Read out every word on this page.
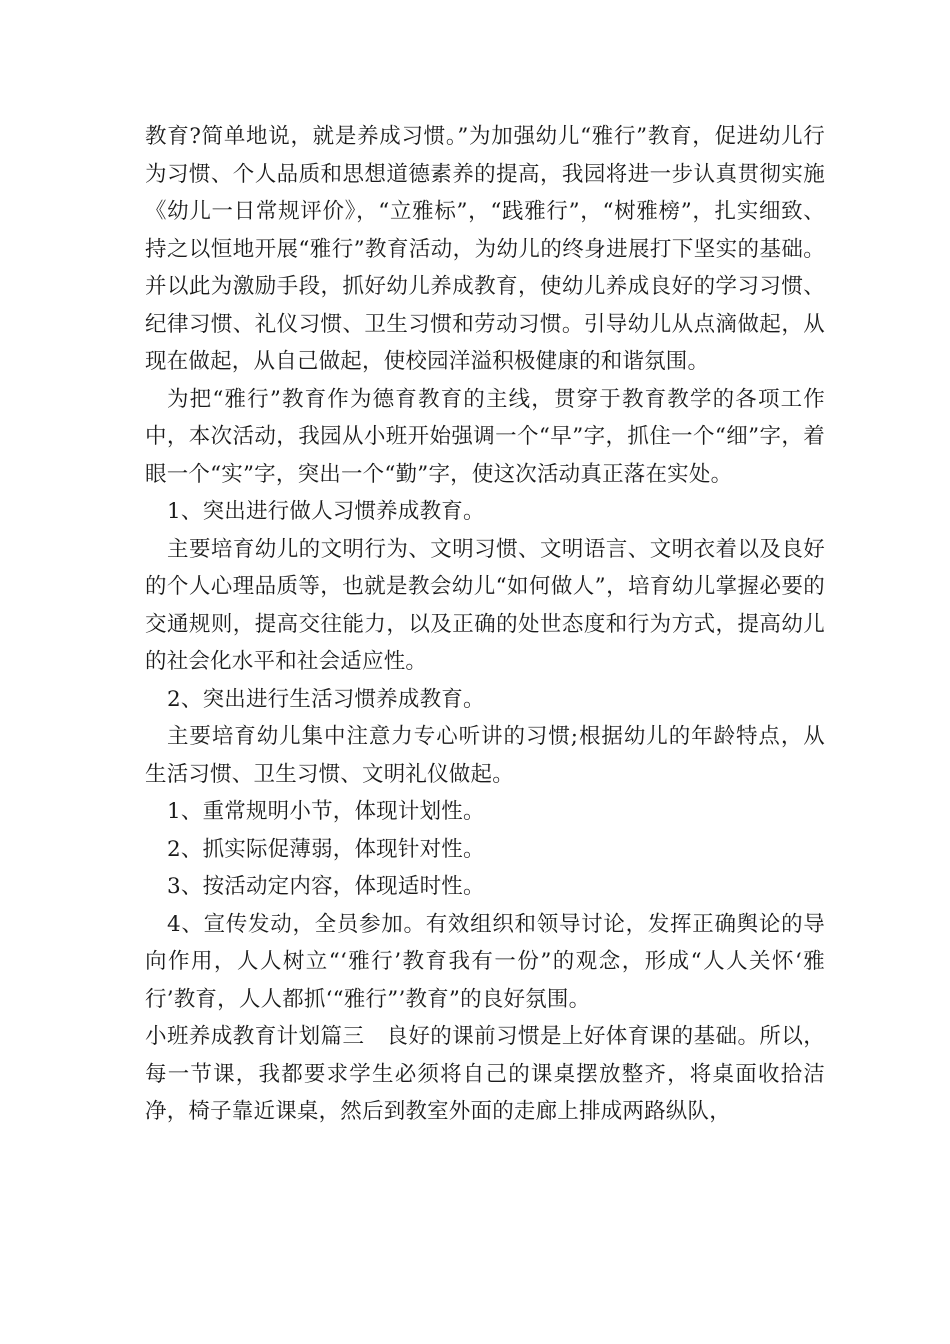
教育?简单地说，就是养成习惯。”为加强幼儿“雅行”教育，促进幼儿行为习惯、个人品质和思想道德素养的提高，我园将进一步认真贯彻实施《幼儿一日常规评价》，“立雅标”，“践雅行”，“树雅榜”，扎实细致、持之以恒地开展“雅行”教育活动，为幼儿的终身进展打下坚实的基础。并以此为激励手段，抓好幼儿养成教育，使幼儿养成良好的学习习惯、纪律习惯、礼仪习惯、卫生习惯和劳动习惯。引导幼儿从点滴做起，从现在做起，从自己做起，使校园洋溢积极健康的和谐氛围。

为把“雅行”教育作为德育教育的主线，贯穿于教育教学的各项工作中，本次活动，我园从小班开始强调一个“早”字，抓住一个“细”字，着眼一个“实”字，突出一个“勤”字，使这次活动真正落在实处。

1、突出进行做人习惯养成教育。

主要培育幼儿的文明行为、文明习惯、文明语言、文明衣着以及良好的个人心理品质等，也就是教会幼儿“如何做人”，培育幼儿掌握必要的交通规则，提高交往能力，以及正确的处世态度和行为方式，提高幼儿的社会化水平和社会适应性。

2、突出进行生活习惯养成教育。

主要培育幼儿集中注意力专心听讲的习惯;根据幼儿的年龄特点，从生活习惯、卫生习惯、文明礼仪做起。

1、重常规明小节，体现计划性。

2、抓实际促薄弱，体现针对性。

3、按活动定内容，体现适时性。

4、宣传发动，全员参加。有效组织和领导讨论，发挥正确舆论的导向作用，人人树立“‘雅行’教育我有一份”的观念，形成“人人关怀‘雅行’教育，人人都抓‘“雅行”’教育”的良好氛围。

小班养成教育计划篇三　良好的课前习惯是上好体育课的基础。所以，每一节课，我都要求学生必须将自己的课桌摆放整齐，将桌面收拾洁净，椅子靠近课桌，然后到教室外面的走廊上排成两路纵队，
